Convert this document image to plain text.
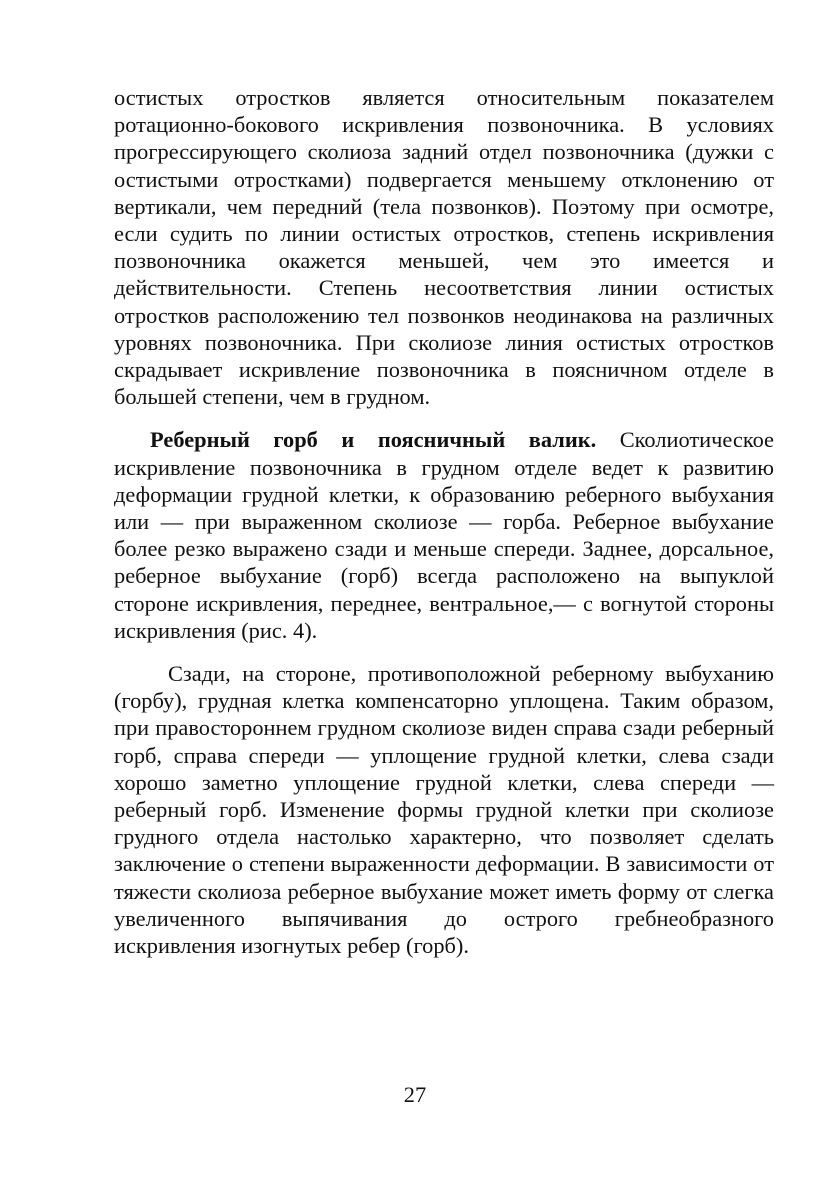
остистых отростков является относительным показателем ротационно-бокового искривления позвоночника. В условиях прогрессирующего сколиоза задний отдел позвоночника (дужки с остистыми отростками) подвергается меньшему отклонению от вертикали, чем передний (тела позвонков). Поэтому при осмотре, если судить по линии остистых отростков, степень искривления позвоночника окажется меньшей, чем это имеется и действительности. Степень несоответствия линии остистых отростков расположению тел позвонков неодинакова на различных уровнях позвоночника. При сколиозе линия остистых отростков скрадывает искривление позвоночника в поясничном отделе в большей степени, чем в грудном.

Реберный горб и поясничный валик. Сколиотическое искривление позвоночника в грудном отделе ведет к развитию деформации грудной клетки, к образованию реберного выбухания или — при выраженном сколиозе — горба. Реберное выбухание более резко выражено сзади и меньше спереди. Заднее, дорсальное, реберное выбухание (горб) всегда расположено на выпуклой стороне искривления, переднее, вентральное,— с вогнутой стороны искривления (рис. 4).

Сзади, на стороне, противоположной реберному выбуханию (горбу), грудная клетка компенсаторно уплощена. Таким образом, при правостороннем грудном сколиозе виден справа сзади реберный горб, справа спереди — уплощение грудной клетки, слева сзади хорошо заметно уплощение грудной клетки, слева спереди — реберный горб. Изменение формы грудной клетки при сколиозе грудного отдела настолько характерно, что позволяет сделать заключение о степени выраженности деформации. В зависимости от тяжести сколиоза реберное выбухание может иметь форму от слегка увеличенного выпячивания до острого гребнеобразного искривления изогнутых ребер (горб).

27
